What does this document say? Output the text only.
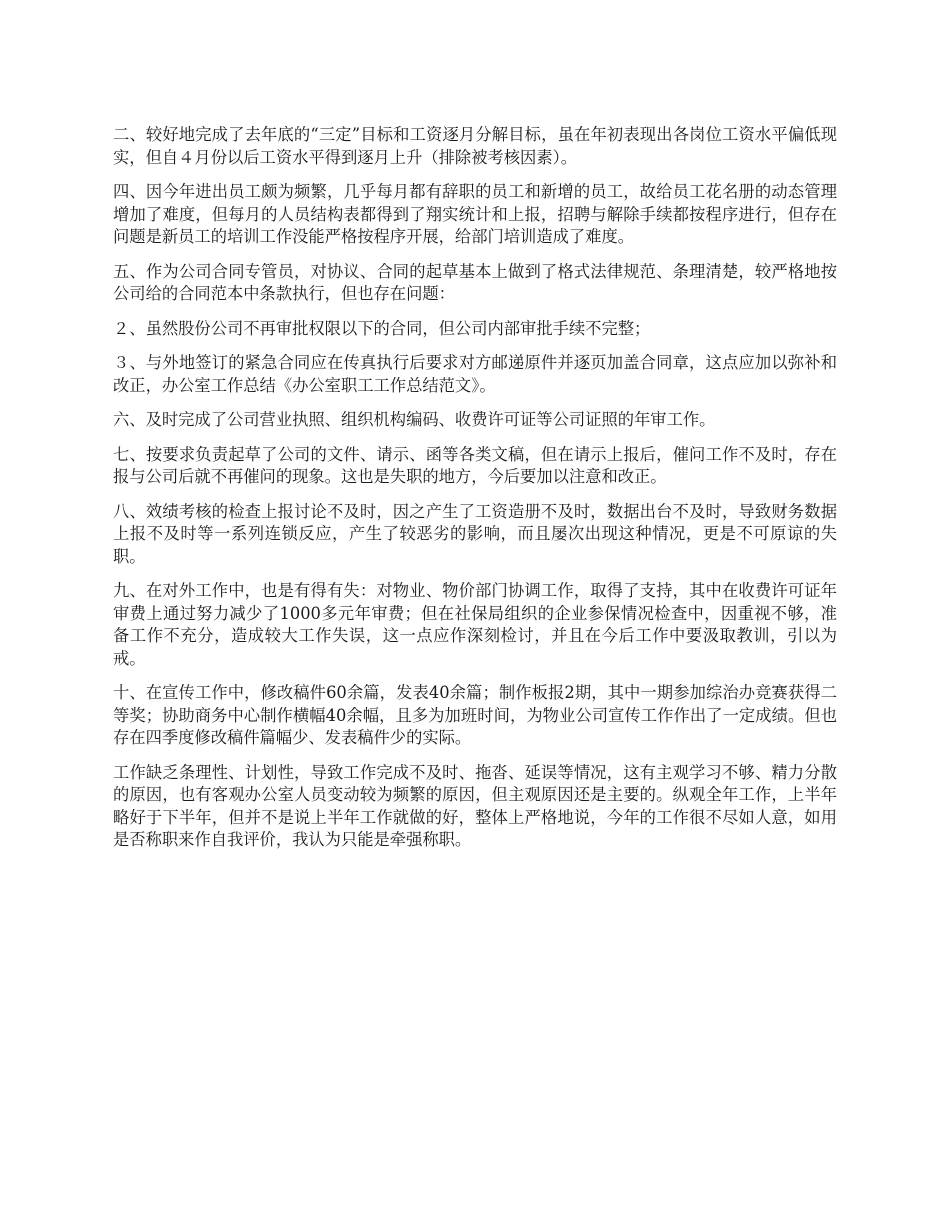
二、较好地完成了去年底的“三定”目标和工资逐月分解目标，虽在年初表现出各岗位工资水平偏低现实，但自４月份以后工资水平得到逐月上升（排除被考核因素）。

四、因今年进出员工颇为频繁，几乎每月都有辞职的员工和新增的员工，故给员工花名册的动态管理增加了难度，但每月的人员结构表都得到了翔实统计和上报，招聘与解除手续都按程序进行，但存在问题是新员工的培训工作没能严格按程序开展，给部门培训造成了难度。

五、作为公司合同专管员，对协议、合同的起草基本上做到了格式法律规范、条理清楚，较严格地按公司给的合同范本中条款执行，但也存在问题：

２、虽然股份公司不再审批权限以下的合同，但公司内部审批手续不完整；

３、与外地签订的紧急合同应在传真执行后要求对方邮递原件并逐页加盖合同章，这点应加以弥补和改正，办公室工作总结《办公室职工工作总结范文》。

六、及时完成了公司营业执照、组织机构编码、收费许可证等公司证照的年审工作。

七、按要求负责起草了公司的文件、请示、函等各类文稿，但在请示上报后，催问工作不及时，存在报与公司后就不再催问的现象。这也是失职的地方，今后要加以注意和改正。

八、效绩考核的检查上报讨论不及时，因之产生了工资造册不及时，数据出台不及时，导致财务数据上报不及时等一系列连锁反应，产生了较恶劣的影响，而且屡次出现这种情况，更是不可原谅的失职。

九、在对外工作中，也是有得有失：对物业、物价部门协调工作，取得了支持，其中在收费许可证年审费上通过努力减少了1000多元年审费；但在社保局组织的企业参保情况检查中，因重视不够，准备工作不充分，造成较大工作失误，这一点应作深刻检讨，并且在今后工作中要汲取教训，引以为戒。

十、在宣传工作中，修改稿件60余篇，发表40余篇；制作板报2期，其中一期参加综治办竞赛获得二等奖；协助商务中心制作横幅40余幅，且多为加班时间，为物业公司宣传工作作出了一定成绩。但也存在四季度修改稿件篇幅少、发表稿件少的实际。

工作缺乏条理性、计划性，导致工作完成不及时、拖沓、延误等情况，这有主观学习不够、精力分散的原因，也有客观办公室人员变动较为频繁的原因，但主观原因还是主要的。纵观全年工作，上半年略好于下半年，但并不是说上半年工作就做的好，整体上严格地说，今年的工作很不尽如人意，如用是否称职来作自我评价，我认为只能是牵强称职。
